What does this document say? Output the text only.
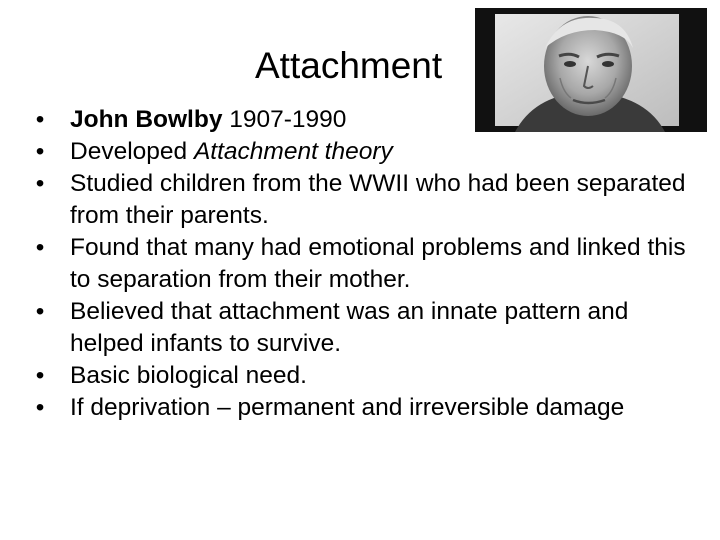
Attachment
• John Bowlby 1907-1990
• Developed Attachment theory
• Studied children from the WWII who had been separated from their parents.
• Found that many had emotional problems and linked this to separation from their mother.
• Believed that attachment was an innate pattern and helped infants to survive.
• Basic biological need.
• If deprivation – permanent and irreversible damage
